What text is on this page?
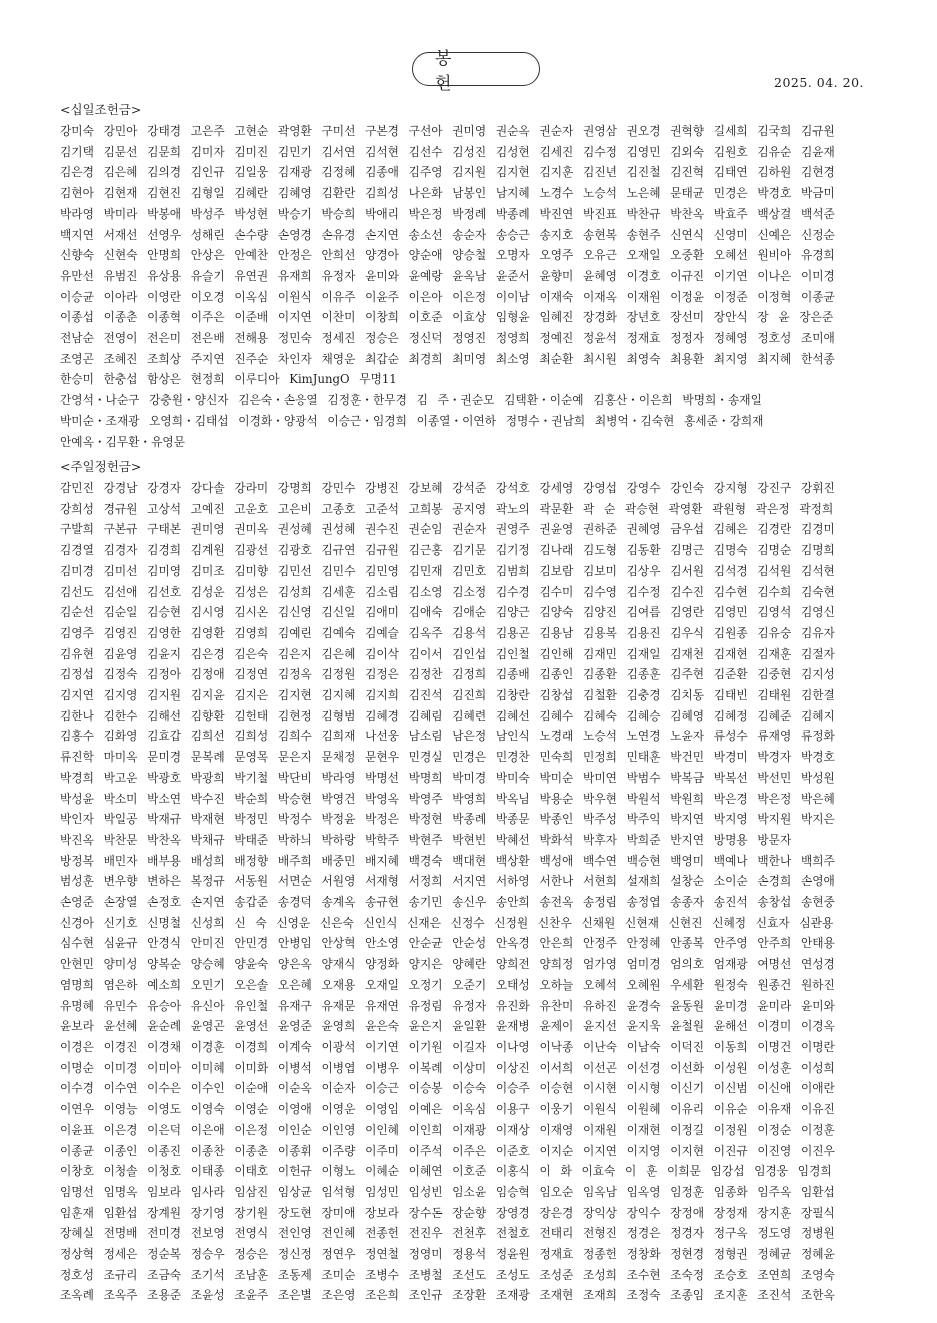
봉 헌	2025. 04. 20.
<십일조헌금>
강미숙 강민아 강태경 고은주 고현순 곽영환 구미선 구본경 구선아 권미영 권순옥 권순자 권영삼 권오경 권혁향 길세희 김국희 김규원
김기택 김문선 김문희 김미자 김미진 김민기 김서연 김석현 김선수 김성진 김성현 김세진 김수정 김영민 김외숙 김원호 김유순 김윤재
김은경 김은혜 김의경 김인규 김일웅 김재광 김정혜 김종애 김주영 김지원 김지현 김지훈 김진년 김진철 김진혁 김태연 김하원 김현경
김현아 김현재 김현진 김형일 김혜란 김혜영 김환란 김희성 나은화 남봉인 남지혜 노경수 노승석 노은혜 문태균 민경은 박경호 박금미
박라영 박미라 박봉애 박성주 박성현 박승기 박승희 박애리 박은정 박정례 박종례 박진연 박진표 박찬규 박찬옥 박효주 백상걸 백석준
백지연 서재선 선영우 성해린 손수량 손영경 손유경 손지연 송소선 송순자 송승근 송지호 송현복 송현주 신연식 신영미 신예은 신정순
신향숙 신현숙 안명희 안상은 안예찬 안정은 안희선 양경아 양순애 양승철 오명자 오영주 오유근 오재일 오중환 오혜선 원비아 유경희
유만선 유범진 유상용 유슬기 유연권 유재희 유정자 윤미와 윤예랑 윤옥남 윤준서 윤향미 윤혜영 이경호 이규진 이기연 이나은 이미경
이승균 이아라 이영란 이오경 이옥심 이원식 이유주 이윤주 이은아 이은정 이이남 이재숙 이재옥 이재원 이정윤 이정준 이정혁 이종균
이종섭 이종춘 이종혁 이주은 이준배 이지연 이찬미 이창희 이호준 이효상 임형윤 임혜진 장경화 장년호 장선미 장안식 장 윤 장은준
전남순 전영이 전은미 전은배 전해용 정민숙 정세진 정승은 정신덕 정영진 정영희 정예진 정윤석 정재효 정정자 정혜영 정호성 조미애
조영곤 조혜진 조희상 주지연 진주순 차인자 채영운 최갑순 최경희 최미영 최소영 최순환 최시원 최영숙 최용환 최지영 최지혜 한석종
한승미 한충섭 함상은 현정희 이루디아 KimJungO 무명11
간영석・나순구 강충원・양신자 김은숙・손응열 김정훈・한무경 김 주・권순모 김택환・이순예 김홍산・이은희 박명희・송재일
박미순・조재광 오영희・김태섭 이경화・양광석 이승근・임경희 이종열・이연하 정명수・권남희 최병억・김숙현 홍세준・강희재
안예옥・김무환・유영문
<주일정헌금>
감민진 강경남 강경자 강다솔 강라미 강명희 강민수 강병진 강보혜 강석준 강석호 강세영 강영섭 강영수 강인숙 강지형 강진구 강휘진
강희성 경규원 고상석 고예진 고운호 고은비 고종호 고준석 고희봉 공지영 곽노의 곽문환 곽 순 곽승현 곽영환 곽원형 곽은정 곽정희
구발희 구본규 구태본 권미영 권미옥 권성혜 권성혜 권수진 권순임 권순자 권영주 권윤영 권하준 권혜영 금우섭 김혜은 김경란 김경미
김경열 김경자 김경희 김계원 김광선 김광호 김규연 김규원 김근홍 김기문 김기정 김나래 김도형 김동환 김명근 김명숙 김명순 김명희
김미경 김미선 김미영 김미조 김미향 김민선 김민수 김민영 김민재 김민호 김범희 김보람 김보미 김상우 김서원 김석경 김석원 김석현
김선도 김선애 김선호 김성운 김성은 김성희 김세훈 김소림 김소영 김소정 김수경 김수미 김수영 김수정 김수진 김수현 김수희 김숙현
김순선 김순일 김승현 김시영 김시온 김신영 김신일 김애미 김애숙 김애순 김양근 김양숙 김양진 김여름 김영란 김영민 김영석 김영신
김영주 김영진 김영한 김영환 김영희 김예린 김예숙 김예슬 김옥주 김용석 김용곤 김용남 김용복 김용진 김우식 김원종 김유숭 김유자
김유현 김윤영 김윤지 김은경 김은숙 김은지 김은혜 김이삭 김이서 김인섭 김인철 김인해 김재민 김재일 김재천 김재현 김재훈 김절자
김정섭 김정숙 김정아 김정애 김정연 김정옥 김정원 김정은 김정찬 김정희 김종배 김종인 김종환 김종훈 김주현 김준환 김중현 김지성
김지연 김지영 김지원 김지윤 김지은 김지현 김지혜 김지희 김진석 김진희 김창란 김창섭 김철환 김충경 김치동 김태빈 김태원 김한결
김한나 김한수 김해선 김향환 김헌태 김현정 김형범 김혜경 김혜림 김혜련 김혜선 김혜수 김혜숙 김혜승 김혜영 김혜정 김혜준 김혜지
김홍수 김화영 김효갑 김희선 김희성 김희수 김희재 나선웅 남소림 남은정 남인식 노경래 노승석 노연경 노윤자 류성수 류재영 류정화
류진학 마미옥 문미경 문복례 문영목 문은지 문채정 문현우 민경실 민경은 민경찬 민숙희 민정희 민태훈 박건민 박경미 박경자 박경호
박경희 박고운 박광호 박광희 박기철 박단비 박라영 박명선 박명희 박미경 박미숙 박미순 박미연 박범수 박복금 박복선 박선민 박성원
박성윤 박소미 박소연 박수진 박순희 박승현 박영건 박영옥 박영주 박영희 박옥님 박용순 박우현 박원석 박원희 박은경 박은정 박은혜
박인자 박일공 박재규 박재현 박정민 박정수 박정윤 박정은 박정현 박종례 박종문 박종인 박주성 박주익 박지연 박지영 박지원 박지은
박진옥 박찬문 박찬옥 박채규 박태준 박하늬 박하랑 박학주 박현주 박현빈 박혜선 박화석 박후자 박희준 반지연 방명용 방문자
방정복 배민자 배부용 배성희 배정향 배주희 배중민 배지혜 백경숙 백대현 백상환 백성애 백수연 백승현 백영미 백예나 백한나 백희주
범성훈 변우향 변하은 복정규 서동원 서면순 서원영 서재형 서정희 서지연 서하영 서한나 서현희 설재희 설창순 소이순 손경희 손영애
손영준 손장열 손정호 손지연 송갑준 송경덕 송계옥 송규현 송기민 송신우 송안희 송전옥 송정림 송정엽 송종자 송진석 송창섭 송현중
신경아 신기호 신명철 신성희 신 숙 신영운 신은숙 신인식 신재은 신정수 신정원 신찬우 신채원 신현재 신현진 신혜정 신효자 심관용
심수현 심윤규 안경식 안미진 안민경 안병임 안상혁 안소영 안순균 안순성 안옥경 안은희 안정주 안정혜 안종복 안주영 안주희 안태용
안현민 양미성 양복순 양승혜 양윤숙 양은옥 양재식 양정화 양지은 양혜란 양희전 양희정 엄가영 엄미경 엄의호 엄재광 여명선 연성경
염명희 염은하 예소희 오민기 오은솔 오은혜 오재용 오재일 오정기 오준기 오태성 오하늘 오혜석 오혜원 우세환 원정숙 원종건 원하진
유명혜 유민수 유승아 유신아 유인철 유재구 유재문 유재연 유정림 유정자 유진화 유찬미 유하진 윤경숙 윤동원 윤미경 윤미라 윤미와
윤보라 윤선혜 윤순례 윤영곤 윤영선 윤영준 윤영희 윤은숙 윤은지 윤일환 윤재병 윤제이 윤지선 윤지욱 윤철원 윤해선 이경미 이경옥
이경은 이경진 이경채 이경훈 이경희 이계숙 이광석 이기연 이기원 이길자 이나영 이낙종 이난숙 이남숙 이덕진 이동희 이명건 이명란
이명순 이미경 이미아 이미혜 이미화 이병석 이병엽 이병우 이복례 이상미 이상진 이서희 이선곤 이선경 이선화 이성원 이성훈 이성희
이수경 이수연 이수은 이수인 이순애 이순옥 이순자 이승근 이승봉 이승숙 이승주 이승현 이시현 이시형 이신기 이신범 이신애 이애란
이연우 이영능 이영도 이영숙 이영순 이영애 이영운 이영임 이예은 이옥심 이용구 이웅기 이원식 이원혜 이유리 이유순 이유재 이유진
이윤표 이은경 이은덕 이은애 이은정 이인순 이인영 이인혜 이인희 이재광 이재상 이재영 이재원 이재현 이정길 이정원 이정순 이정훈
이종균 이종인 이종진 이종찬 이종춘 이종휘 이주량 이주미 이주석 이주은 이준호 이지순 이지연 이지영 이지현 이진규 이진영 이진우
이창호 이청솔 이청호 이태종 이태호 이헌규 이형노 이혜순 이혜연 이호준 이홍식 이 화 이효숙 이 훈 이희문 임강섭 임경웅 임경희
임명선 임명옥 임보라 임사라 임삼진 임상균 임석형 임성민 임성빈 임소윤 임승혁 임오순 임옥남 임옥영 임정훈 임종화 임주옥 임환섭
임훈재 임환섭 장계원 장기영 장기원 장도현 장미애 장보라 장수돈 장순향 장영경 장은경 장익상 장익수 장정애 장정재 장지훈 장필식
장혜실 전명배 전미경 전보영 전영식 전인영 전인혜 전종헌 전진우 전천후 전철호 전태리 전형진 정경은 정경자 정구옥 정도영 정병원
정상혁 정세은 정순복 정승우 정승은 정신정 정연우 정연철 정영미 정용석 정윤원 정재효 정종헌 정창화 정현경 정형권 정혜균 정혜윤
정호성 조규리 조금숙 조기석 조남훈 조동제 조미순 조병수 조병철 조선도 조성도 조성준 조성희 조수현 조숙정 조승호 조연희 조영숙
조옥례 조옥주 조용준 조윤성 조윤주 조은별 조은영 조은희 조인규 조장환 조재광 조재현 조재희 조정숙 조종임 조지훈 조진석 조한옥
